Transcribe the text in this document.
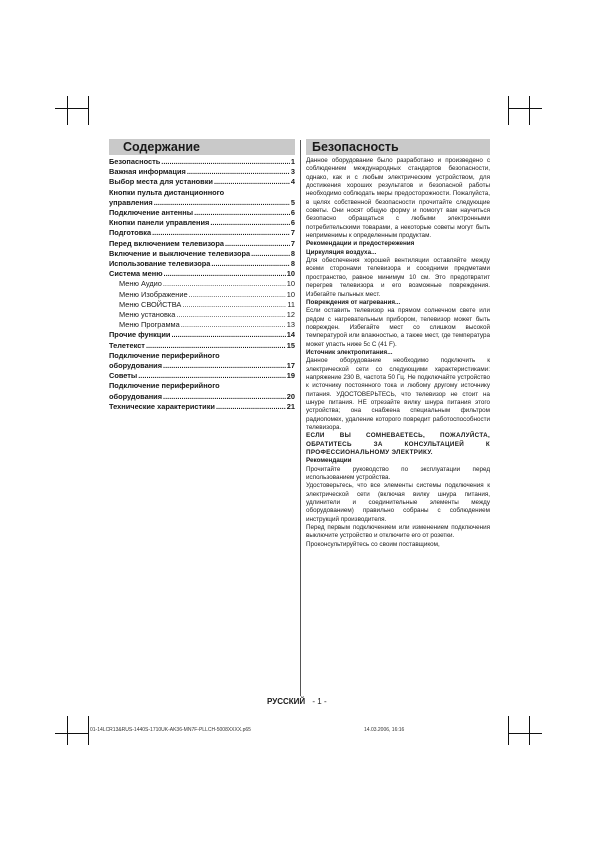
Содержание	Безопасность
Безопасность .....	1
Важная информация .....	3
Выбор места для установки .....	4
Кнопки пульта дистанционного
управления .....	5
Подключение антенны .....	6
Кнопки панели управления .....	6
Подготовка .....	7
Перед включением телевизора .....	7
Включение и выключение телевизора .....	8
Использование телевизора .....	8
Система меню .....	10
Меню Аудио .....	10
Меню Изображение .....	10
Меню СВОЙСТВА .....	11
Меню установка .....	12
Меню Программа .....	13
Прочие функции .....	14
Телетекст .....	15
Подключение периферийного
оборудования .....	17
Советы .....	19
Подключение периферийного
оборудования .....	20
Технические характеристики .....	21

Данное оборудование было разработано и произведено с соблюдением международных стандартов безопасности, однако, как и с любым электрическим устройством, для достижения хороших результатов и безопасной работы необходимо соблюдать меры предосторожности. Пожалуйста, в целях собственной безопасности прочитайте следующие советы. Они носят общую форму и помогут вам научиться безопасно обращаться с любыми электронными потребительскими товарами, а некоторые советы могут быть неприменимы к определенным продуктам.

Рекомендации и предостережения

Циркуляция воздуха...

Для обеспечения хорошей вентиляции оставляйте между всеми сторонами телевизора и соседними предметами пространство, равное минимум 10 см. Это предотвратит перегрев телевизора и его возможные повреждения. Избегайте пыльных мест.

Повреждения от нагревания...

Если оставить телевизор на прямом солнечном свете или рядом с нагревательным прибором, телевизор может быть поврежден. Избегайте мест со слишком высокой температурой или влажностью, а также мест, где температура может упасть ниже 5с С (41 F).

Источник электропитания...

Данное оборудование необходимо подключить к электрической сети со следующими характеристиками: напряжение 230 В, частота 50 Гц. Не подключайте устройство к источнику постоянного тока и любому другому источнику питания. УДОСТОВЕРЬТЕСЬ, что телевизор не стоит на шнуре питания. НЕ отрезайте вилку шнура питания этого устройства; она снабжена специальным фильтром радиопомех, удаление которого повредит работоспособности телевизора.

ЕСЛИ ВЫ СОМНЕВАЕТЕСЬ, ПОЖАЛУЙСТА, ОБРАТИТЕСЬ ЗА КОНСУЛЬТАЦИЕЙ К ПРОФЕССИОНАЛЬНОМУ ЭЛЕКТРИКУ.

Рекомендации

Прочитайте руководство по эксплуатации перед использованием устройства.

Удостоверьтесь, что все элементы системы подключения к электрической сети (включая вилку шнура питания, удлинители и соединительные элементы между оборудованием) правильно собраны с соблюдением инструкций производителя.

Перед первым подключением или изменением подключения выключите устройство и отключите его от розетки.

Проконсультируйтесь со своим поставщиком,

РУССКИЙ - 1 -
01-14LCR13&RUS-1440S-1710UK-AK36-MN7F-PLLCH-5008XXXX.p65	14.03.2006, 16:16
